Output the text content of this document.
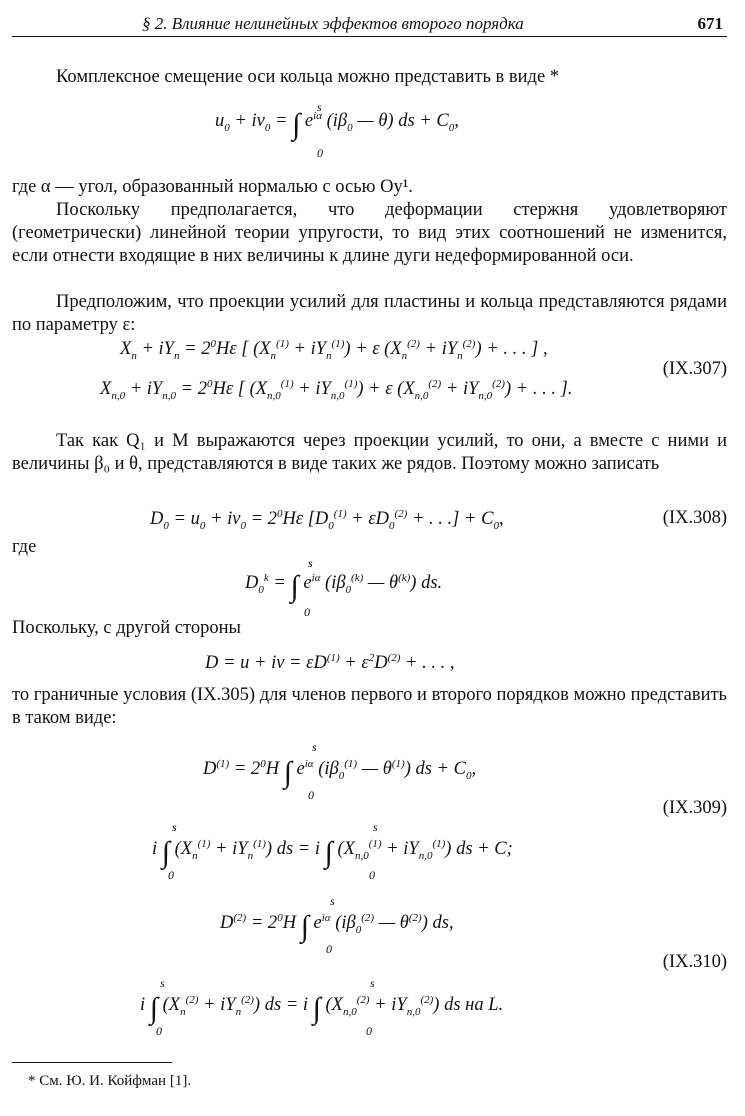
§ 2. Влияние нелинейных эффектов второго порядка	671

Комплексное смещение оси кольца можно представить в виде *

$u_0 + iv_0$ = ∫ $e^{i\alpha}$ ($i\beta_0$ — θ) ds + $C_0$,
s
0

где α — угол, образованный нормалью с осью Oy¹.

Поскольку предполагается, что деформации стержня удовлетворяют (геометрически) линейной теории упругости, то вид этих соотношений не изменится, если отнести входящие в них величины к длине дуги недеформированной оси.

Предположим, что проекции усилий для пластины и кольца представляются рядами по параметру ε:

$X_n + iY_n = 2^0H\varepsilon$ [ $(X_n^{(1)} + iY_n^{(1)}) + \varepsilon$ $(X_n^{(2)} + iY_n^{(2)})$ + . . . ] ,
$X_{n,0} + iY_{n,0} = 2^0H\varepsilon$ [ $(X_{n,0}^{(1)} + iY_{n,0}^{(1)}) + \varepsilon$ $(X_{n,0}^{(2)} + iY_{n,0}^{(2)})$ + . . . ].
(IX.307)

Так как Q₁ и M выражаются через проекции усилий, то они, а вместе с ними и величины β₀ и θ, представляются в виде таких же рядов. Поэтому можно записать

$D_0 = u_0 + iv_0 = 2^0H\varepsilon$ [$D_0^{(1)} + \varepsilon D_0^{(2)}$ + . . .] + $C_0$,	(IX.308)

где

$D_0^k$ = ∫ $e^{i\alpha}$ ($i\beta_0^{(k)}$ — $\theta^{(k)}$) ds.
s
0

Поскольку, с другой стороны

D = u + iv = $\varepsilon D^{(1)} + \varepsilon^2D^{(2)}$ + . . . ,

то граничные условия (IX.305) для членов первого и второго порядков можно представить в таком виде:

$D^{(1)} = 2^0H$ ∫ $e^{i\alpha}$ ($i\beta_0^{(1)}$ — $\theta^{(1)}$) ds + $C_0$,
s
0
(IX.309)
i ∫ $(X_n^{(1)} + iY_n^{(1)})$ ds = i ∫ $(X_{n,0}^{(1)} + iY_{n,0}^{(1)})$ ds + C;
s
0
s
0
$D^{(2)} = 2^0H$ ∫ $e^{i\alpha}$ ($i\beta_0^{(2)}$ — $\theta^{(2)}$) ds,
s
0
(IX.310)
i ∫ $(X_n^{(2)} + iY_n^{(2)})$ ds = i ∫ $(X_{n,0}^{(2)} + iY_{n,0}^{(2)})$ ds на L.
s
0
s
0
* См. Ю. И. Койфман [1].
